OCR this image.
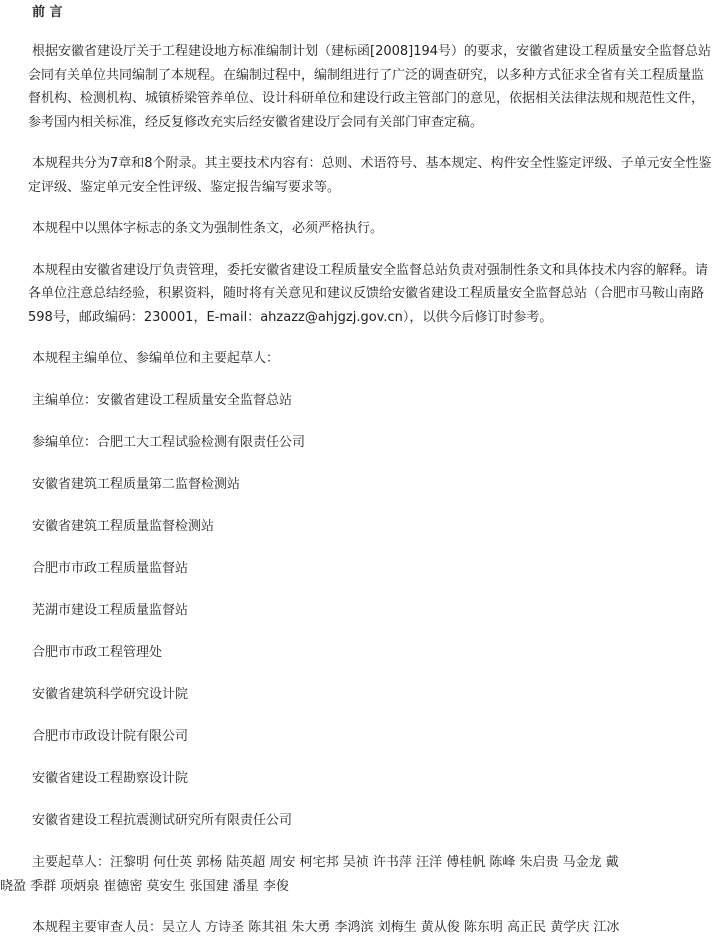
前 言

根据安徽省建设厅关于工程建设地方标准编制计划（建标函[2008]194号）的要求，安徽省建设工程质量安全监督总站会同有关单位共同编制了本规程。在编制过程中，编制组进行了广泛的调查研究，以多种方式征求全省有关工程质量监督机构、检测机构、城镇桥梁管养单位、设计科研单位和建设行政主管部门的意见，依据相关法律法规和规范性文件，参考国内相关标准，经反复修改充实后经安徽省建设厅会同有关部门审查定稿。

本规程共分为7章和8个附录。其主要技术内容有：总则、术语符号、基本规定、构件安全性鉴定评级、子单元安全性鉴定评级、鉴定单元安全性评级、鉴定报告编写要求等。

本规程中以黑体字标志的条文为强制性条文，必须严格执行。

本规程由安徽省建设厅负责管理，委托安徽省建设工程质量安全监督总站负责对强制性条文和具体技术内容的解释。请各单位注意总结经验，积累资料，随时将有关意见和建议反馈给安徽省建设工程质量安全监督总站（合肥市马鞍山南路598号，邮政编码：230001，E-mail：ahzazz@ahjgzj.gov.cn），以供今后修订时参考。

本规程主编单位、参编单位和主要起草人：
主编单位：安徽省建设工程质量安全监督总站
参编单位：合肥工大工程试验检测有限责任公司
安徽省建筑工程质量第二监督检测站
安徽省建筑工程质量监督检测站
合肥市市政工程质量监督站
芜湖市建设工程质量监督站
合肥市市政工程管理处
安徽省建筑科学研究设计院
合肥市市政设计院有限公司
安徽省建设工程勘察设计院
安徽省建设工程抗震测试研究所有限责任公司
主要起草人：汪黎明 何仕英 郭杨 陆英超 周安 柯宅邦 吴祯 许书萍 汪洋 傅桂帆 陈峰 朱启贵 马金龙 戴
晓盈 季群 项炳泉 崔德密 莫安生 张国建 潘星 李俊
本规程主要审查人员：吴立人 方诗圣 陈其祖 朱大勇 李鸿滨 刘梅生 黄从俊 陈东明 高正民 黄学庆 江冰
